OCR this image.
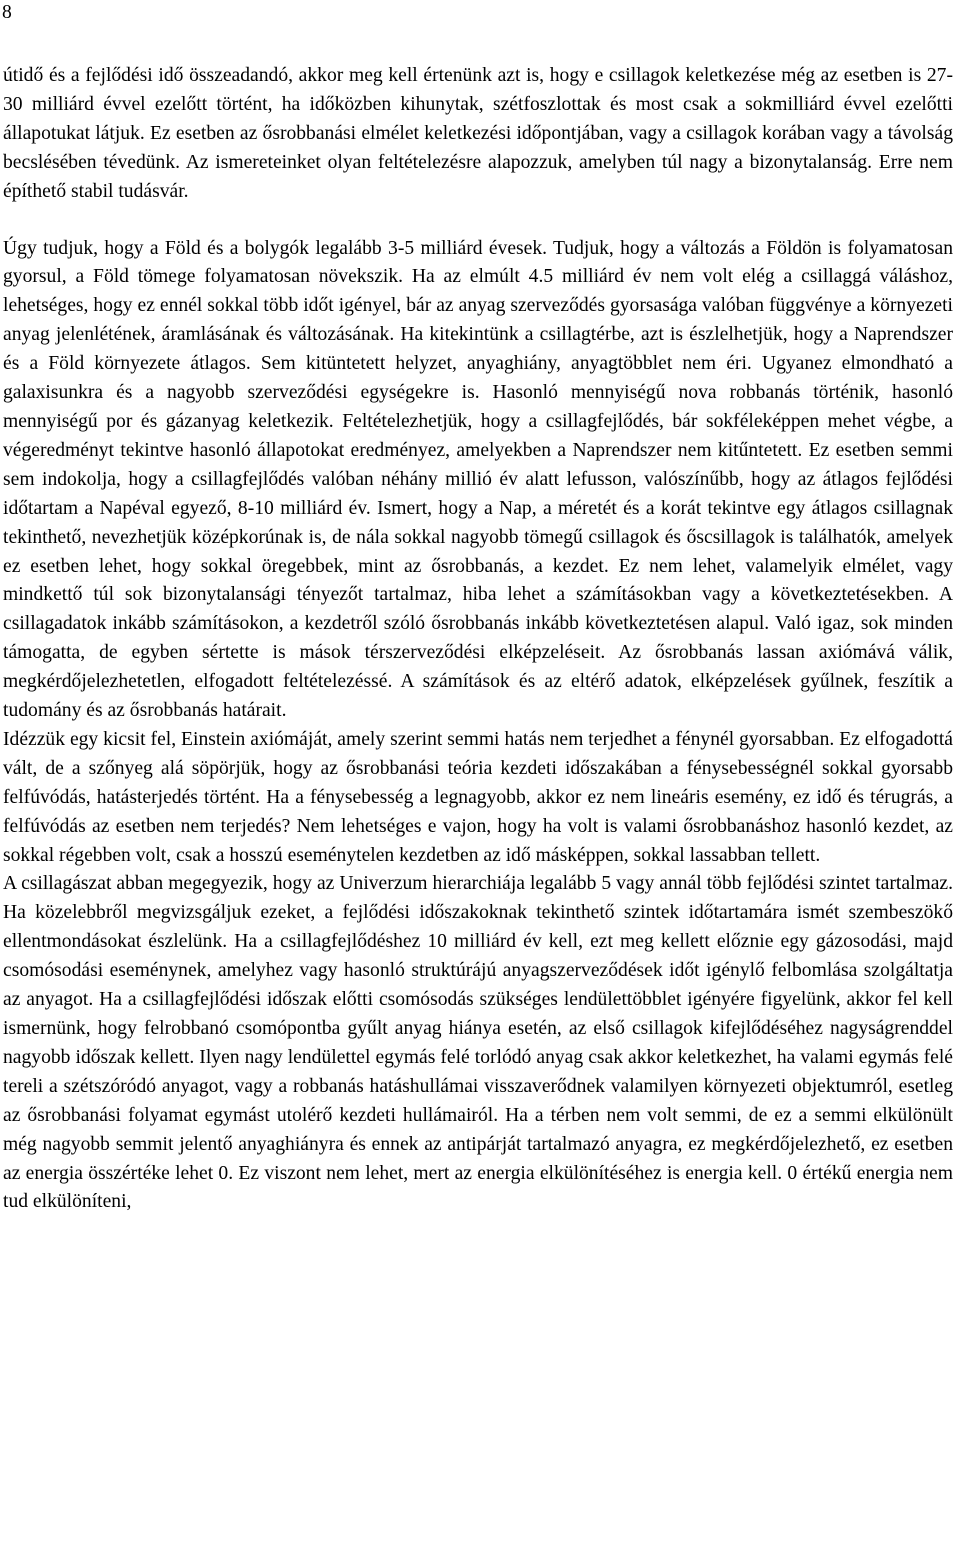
8

útidő és a fejlődési idő összeadandó, akkor meg kell értenünk azt is, hogy e csillagok keletkezése még az esetben is 27-30 milliárd évvel ezelőtt történt, ha időközben kihunytak, szétfoszlottak és most csak a sokmilliárd évvel ezelőtti állapotukat látjuk. Ez esetben az ősrobbanási elmélet keletkezési időpontjában, vagy a csillagok korában vagy a távolság becslésében tévedünk. Az ismereteinket olyan feltételezésre alapozzuk, amelyben túl nagy a bizonytalanság. Erre nem építhető stabil tudásvár.

Úgy tudjuk, hogy a Föld és a bolygók legalább 3-5 milliárd évesek. Tudjuk, hogy a változás a Földön is folyamatosan gyorsul, a Föld tömege folyamatosan növekszik. Ha az elmúlt 4.5 milliárd év nem volt elég a csillaggá váláshoz, lehetséges, hogy ez ennél sokkal több időt igényel, bár az anyag szerveződés gyorsasága valóban függvénye a környezeti anyag jelenlétének, áramlásának és változásának. Ha kitekintünk a csillagtérbe, azt is észlelhetjük, hogy a Naprendszer és a Föld környezete átlagos. Sem kitüntetett helyzet, anyaghiány, anyagtöbblet nem éri. Ugyanez elmondható a galaxisunkra és a nagyobb szerveződési egységekre is. Hasonló mennyiségű nova robbanás történik, hasonló mennyiségű por és gázanyag keletkezik. Feltételezhetjük, hogy a csillagfejlődés, bár sokféleképpen mehet végbe, a végeredményt tekintve hasonló állapotokat eredményez, amelyekben a Naprendszer nem kitűntetett. Ez esetben semmi sem indokolja, hogy a csillagfejlődés valóban néhány millió év alatt lefusson, valószínűbb, hogy az átlagos fejlődési időtartam a Napéval egyező, 8-10 milliárd év. Ismert, hogy a Nap, a méretét és a korát tekintve egy átlagos csillagnak tekinthető, nevezhetjük középkorúnak is, de nála sokkal nagyobb tömegű csillagok és őscsillagok is találhatók, amelyek ez esetben lehet, hogy sokkal öregebbek, mint az ősrobbanás, a kezdet. Ez nem lehet, valamelyik elmélet, vagy mindkettő túl sok bizonytalansági tényezőt tartalmaz, hiba lehet a számításokban vagy a következtetésekben. A csillagadatok inkább számításokon, a kezdetről szóló ősrobbanás inkább következtetésen alapul. Való igaz, sok minden támogatta, de egyben sértette is mások térszerveződési elképzeléseit. Az ősrobbanás lassan axiómává válik, megkérdőjelezhetetlen, elfogadott feltételezéssé. A számítások és az eltérő adatok, elképzelések gyűlnek, feszítik a tudomány és az ősrobbanás határait.

Idézzük egy kicsit fel, Einstein axiómáját, amely szerint semmi hatás nem terjedhet a fénynél gyorsabban. Ez elfogadottá vált, de a szőnyeg alá söpörjük, hogy az ősrobbanási teória kezdeti időszakában a fénysebességnél sokkal gyorsabb felfúvódás, hatásterjedés történt. Ha a fénysebesség a legnagyobb, akkor ez nem lineáris esemény, ez idő és térugrás, a felfúvódás az esetben nem terjedés? Nem lehetséges e vajon, hogy ha volt is valami ősrobbanáshoz hasonló kezdet, az sokkal régebben volt, csak a hosszú eseménytelen kezdetben az idő másképpen, sokkal lassabban tellett.

A csillagászat abban megegyezik, hogy az Univerzum hierarchiája legalább 5 vagy annál több fejlődési szintet tartalmaz. Ha közelebbről megvizsgáljuk ezeket, a fejlődési időszakoknak tekinthető szintek időtartamára ismét szembeszökő ellentmondásokat észlelünk. Ha a csillagfejlődéshez 10 milliárd év kell, ezt meg kellett előznie egy gázosodási, majd csomósodási eseménynek, amelyhez vagy hasonló struktúrájú anyagszerveződések időt igénylő felbomlása szolgáltatja az anyagot. Ha a csillagfejlődési időszak előtti csomósodás szükséges lendülettöbblet igényére figyelünk, akkor fel kell ismernünk, hogy felrobbanó csomópontba gyűlt anyag hiánya esetén, az első csillagok kifejlődéséhez nagyságrenddel nagyobb időszak kellett. Ilyen nagy lendülettel egymás felé torlódó anyag csak akkor keletkezhet, ha valami egymás felé tereli a szétszóródó anyagot, vagy a robbanás hatáshullámai visszaverődnek valamilyen környezeti objektumról, esetleg az ősrobbanási folyamat egymást utolérő kezdeti hullámairól. Ha a térben nem volt semmi, de ez a semmi elkülönült még nagyobb semmit jelentő anyaghiányra és ennek az antipárját tartalmazó anyagra, ez megkérdőjelezhető, ez esetben az energia összértéke lehet 0. Ez viszont nem lehet, mert az energia elkülönítéséhez is energia kell. 0 értékű energia nem tud elkülöníteni,
